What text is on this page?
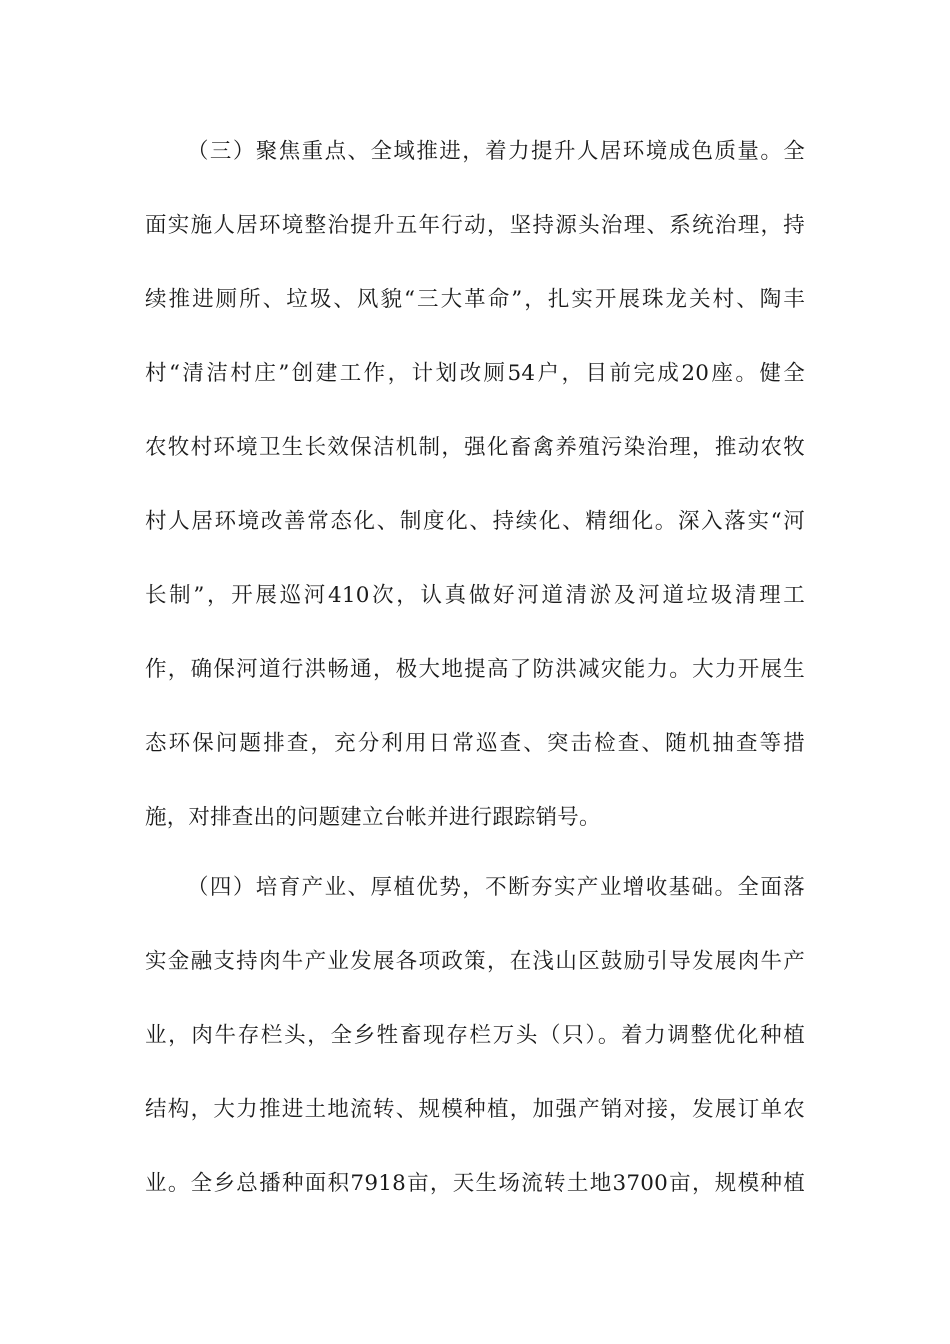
（三）聚焦重点、全域推进，着力提升人居环境成色质量。全
面实施人居环境整治提升五年行动，坚持源头治理、系统治理，持
续推进厕所、垃圾、风貌“三大革命”，扎实开展珠龙关村、陶丰
村“清洁村庄”创建工作，计划改厕54户，目前完成20座。健全
农牧村环境卫生长效保洁机制，强化畜禽养殖污染治理，推动农牧
村人居环境改善常态化、制度化、持续化、精细化。深入落实“河
长制”，开展巡河410次，认真做好河道清淤及河道垃圾清理工
作，确保河道行洪畅通，极大地提高了防洪减灾能力。大力开展生
态环保问题排查，充分利用日常巡查、突击检查、随机抽查等措
施，对排查出的问题建立台帐并进行跟踪销号。
（四）培育产业、厚植优势，不断夯实产业增收基础。全面落
实金融支持肉牛产业发展各项政策，在浅山区鼓励引导发展肉牛产
业，肉牛存栏头，全乡牲畜现存栏万头（只）。着力调整优化种植
结构，大力推进土地流转、规模种植，加强产销对接，发展订单农
业。全乡总播种面积7918亩，天生场流转土地3700亩，规模种植
